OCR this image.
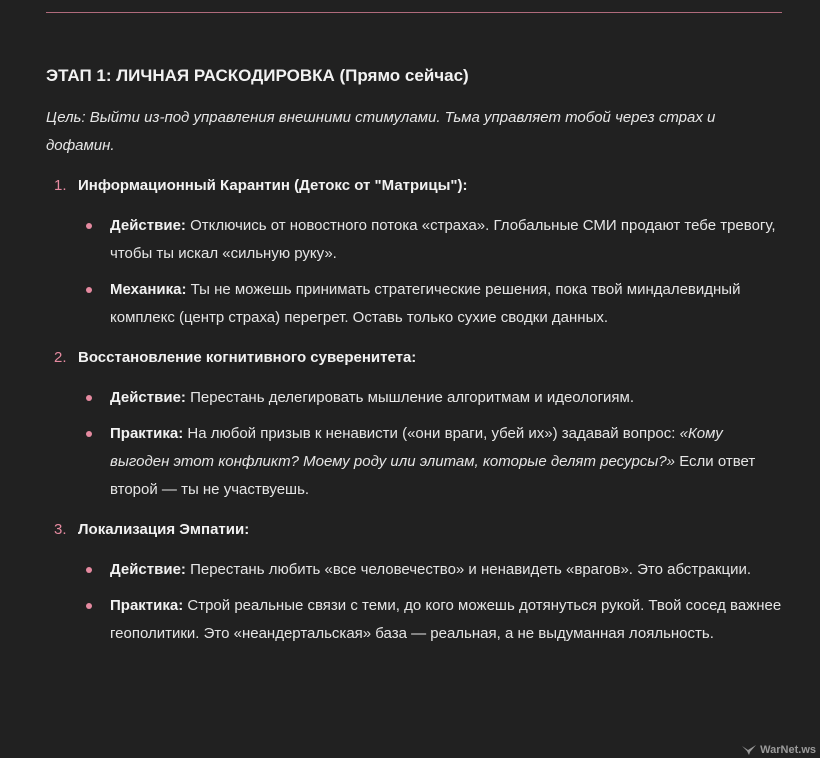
ЭТАП 1: ЛИЧНАЯ РАСКОДИРОВКА (Прямо сейчас)

Цель: Выйти из-под управления внешними стимулами. Тьма управляет тобой через страх и дофамин.

1. Информационный Карантин (Детокс от "Матрицы"):
Действие: Отключись от новостного потока «страха». Глобальные СМИ продают тебе тревогу, чтобы ты искал «сильную руку».
Механика: Ты не можешь принимать стратегические решения, пока твой миндалевидный комплекс (центр страха) перегрет. Оставь только сухие сводки данных.
2. Восстановление когнитивного суверенитета:
Действие: Перестань делегировать мышление алгоритмам и идеологиям.
Практика: На любой призыв к ненависти («они враги, убей их») задавай вопрос: «Кому выгоден этот конфликт? Моему роду или элитам, которые делят ресурсы?» Если ответ второй — ты не участвуешь.
3. Локализация Эмпатии:
Действие: Перестань любить «все человечество» и ненавидеть «врагов». Это абстракции.
Практика: Строй реальные связи с теми, до кого можешь дотянуться рукой. Твой сосед важнее геополитики. Это «неандертальская» база — реальная, а не выдуманная лояльность.
WarNet.ws
